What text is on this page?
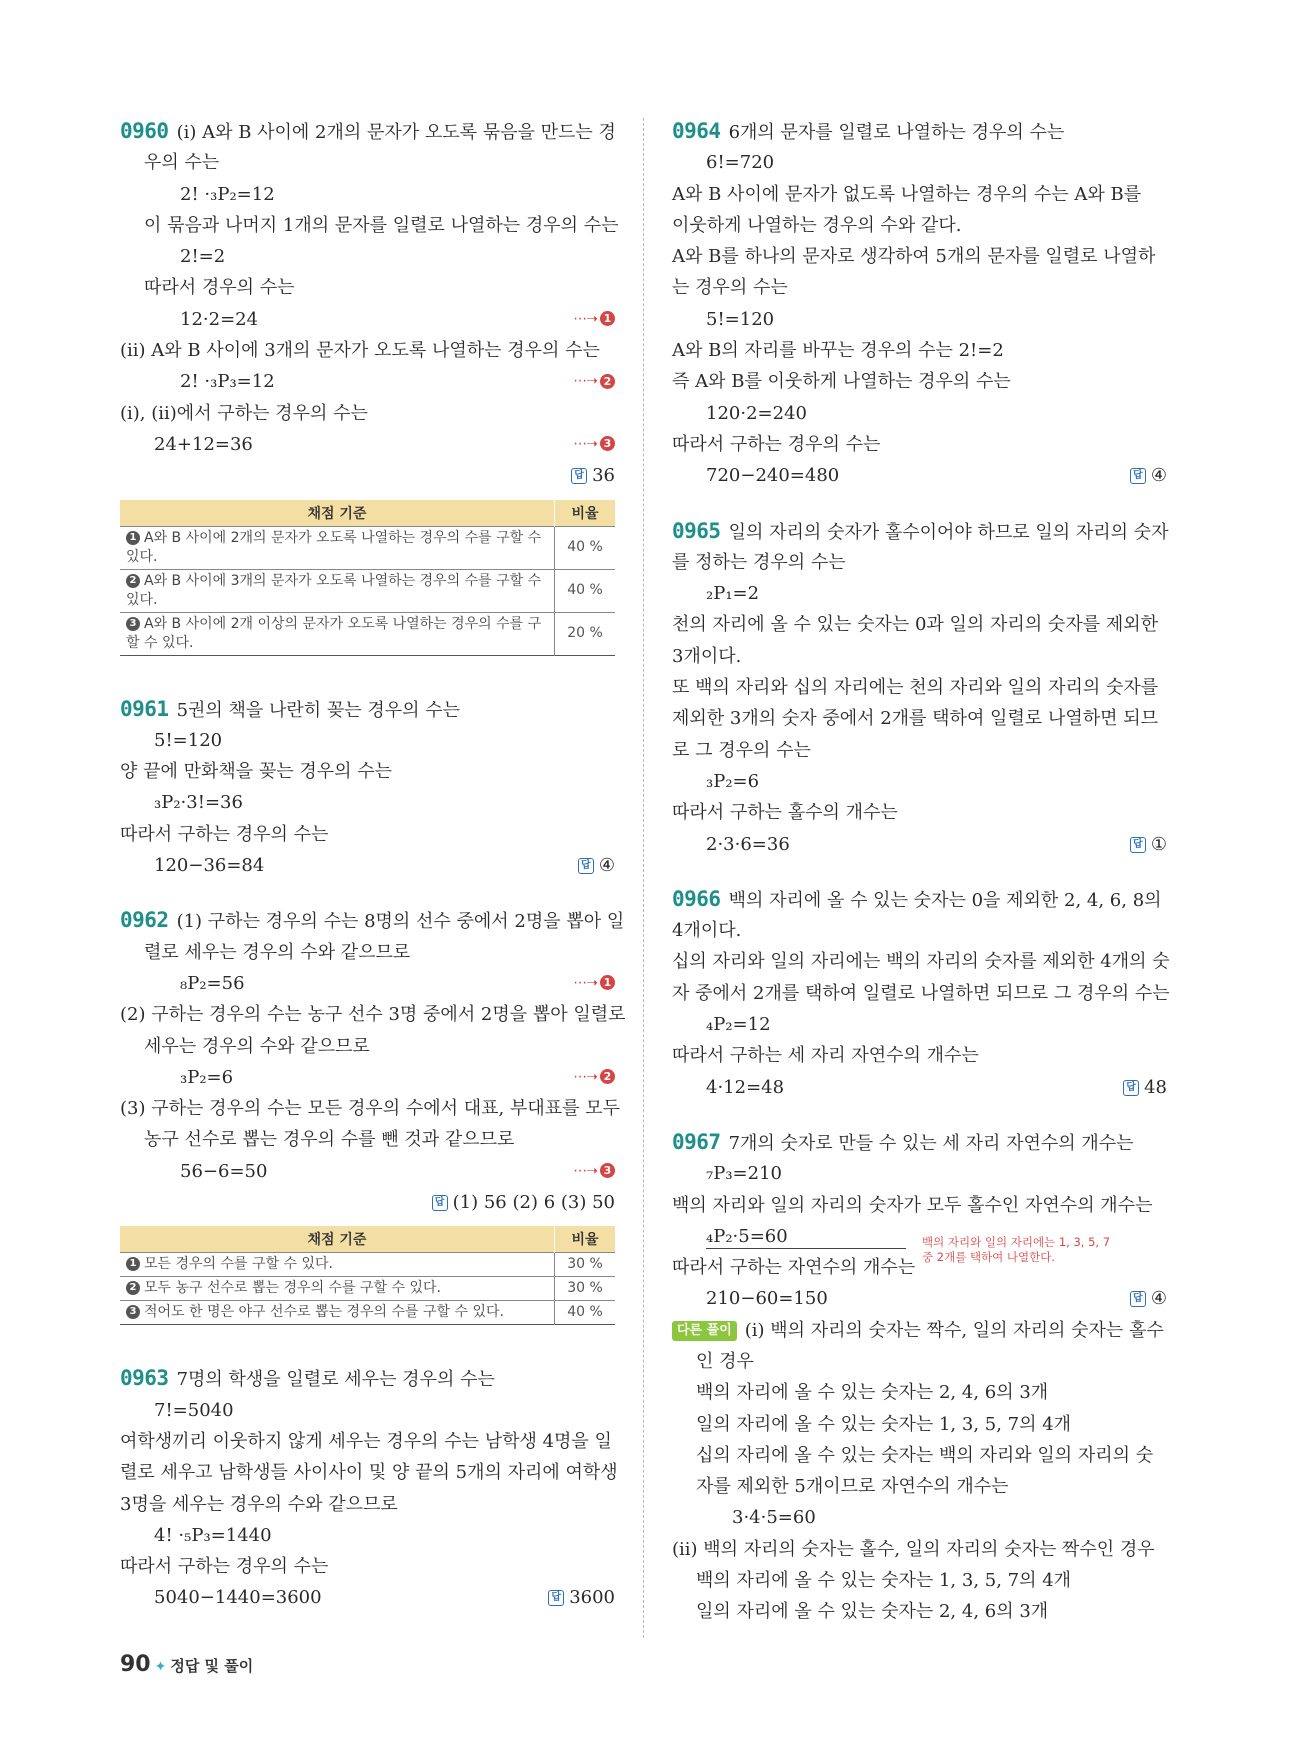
0960 (ⅰ) A와 B 사이에 2개의 문자가 오도록 묶음을 만드는 경
우의 수는
2! ·₃P₂=12
이 묶음과 나머지 1개의 문자를 일렬로 나열하는 경우의 수는
2!=2
따라서 경우의 수는
12·2=24	⋯➝ 1
(ⅱ) A와 B 사이에 3개의 문자가 오도록 나열하는 경우의 수는
2! ·₃P₃=12	⋯➝ 2
(ⅰ), (ⅱ)에서 구하는 경우의 수는
24+12=36	⋯➝ 3
답 36
채점 기준	비율
1 A와 B 사이에 2개의 문자가 오도록 나열하는 경우의 수를 구할 수 있다.	40 %
2 A와 B 사이에 3개의 문자가 오도록 나열하는 경우의 수를 구할 수 있다.	40 %
3 A와 B 사이에 2개 이상의 문자가 오도록 나열하는 경우의 수를 구할 수 있다.	20 %
0961 5권의 책을 나란히 꽂는 경우의 수는
5!=120
양 끝에 만화책을 꽂는 경우의 수는
₃P₂·3!=36
따라서 구하는 경우의 수는
120−36=84	답 ④
0962 (1) 구하는 경우의 수는 8명의 선수 중에서 2명을 뽑아 일
렬로 세우는 경우의 수와 같으므로
₈P₂=56	⋯➝ 1
(2) 구하는 경우의 수는 농구 선수 3명 중에서 2명을 뽑아 일렬로
세우는 경우의 수와 같으므로
₃P₂=6	⋯➝ 2
(3) 구하는 경우의 수는 모든 경우의 수에서 대표, 부대표를 모두
농구 선수로 뽑는 경우의 수를 뺀 것과 같으므로
56−6=50	⋯➝ 3
답 (1) 56 (2) 6 (3) 50
채점 기준	비율
1 모든 경우의 수를 구할 수 있다.	30 %
2 모두 농구 선수로 뽑는 경우의 수를 구할 수 있다.	30 %
3 적어도 한 명은 야구 선수로 뽑는 경우의 수를 구할 수 있다.	40 %
0963 7명의 학생을 일렬로 세우는 경우의 수는
7!=5040
여학생끼리 이웃하지 않게 세우는 경우의 수는 남학생 4명을 일
렬로 세우고 남학생들 사이사이 및 양 끝의 5개의 자리에 여학생
3명을 세우는 경우의 수와 같으므로
4! ·₅P₃=1440
따라서 구하는 경우의 수는
5040−1440=3600	답 3600
0964 6개의 문자를 일렬로 나열하는 경우의 수는
6!=720
A와 B 사이에 문자가 없도록 나열하는 경우의 수는 A와 B를
이웃하게 나열하는 경우의 수와 같다.
A와 B를 하나의 문자로 생각하여 5개의 문자를 일렬로 나열하
는 경우의 수는
5!=120
A와 B의 자리를 바꾸는 경우의 수는 2!=2
즉 A와 B를 이웃하게 나열하는 경우의 수는
120·2=240
따라서 구하는 경우의 수는
720−240=480	답 ④
0965 일의 자리의 숫자가 홀수이어야 하므로 일의 자리의 숫자
를 정하는 경우의 수는
₂P₁=2
천의 자리에 올 수 있는 숫자는 0과 일의 자리의 숫자를 제외한
3개이다.
또 백의 자리와 십의 자리에는 천의 자리와 일의 자리의 숫자를
제외한 3개의 숫자 중에서 2개를 택하여 일렬로 나열하면 되므
로 그 경우의 수는
₃P₂=6
따라서 구하는 홀수의 개수는
2·3·6=36	답 ①
0966 백의 자리에 올 수 있는 숫자는 0을 제외한 2, 4, 6, 8의
4개이다.
십의 자리와 일의 자리에는 백의 자리의 숫자를 제외한 4개의 숫
자 중에서 2개를 택하여 일렬로 나열하면 되므로 그 경우의 수는
₄P₂=12
따라서 구하는 세 자리 자연수의 개수는
4·12=48	답 48
0967 7개의 숫자로 만들 수 있는 세 자리 자연수의 개수는
₇P₃=210
백의 자리와 일의 자리의 숫자가 모두 홀수인 자연수의 개수는
₄P₂·5=60	백의 자리와 일의 자리에는 1, 3, 5, 7
중 2개를 택하여 나열한다.
따라서 구하는 자연수의 개수는
210−60=150	답 ④
다른 풀이 (ⅰ) 백의 자리의 숫자는 짝수, 일의 자리의 숫자는 홀수
인 경우
백의 자리에 올 수 있는 숫자는 2, 4, 6의 3개
일의 자리에 올 수 있는 숫자는 1, 3, 5, 7의 4개
십의 자리에 올 수 있는 숫자는 백의 자리와 일의 자리의 숫
자를 제외한 5개이므로 자연수의 개수는
3·4·5=60
(ⅱ) 백의 자리의 숫자는 홀수, 일의 자리의 숫자는 짝수인 경우
백의 자리에 올 수 있는 숫자는 1, 3, 5, 7의 4개
일의 자리에 올 수 있는 숫자는 2, 4, 6의 3개
90 ✦ 정답 및 풀이
